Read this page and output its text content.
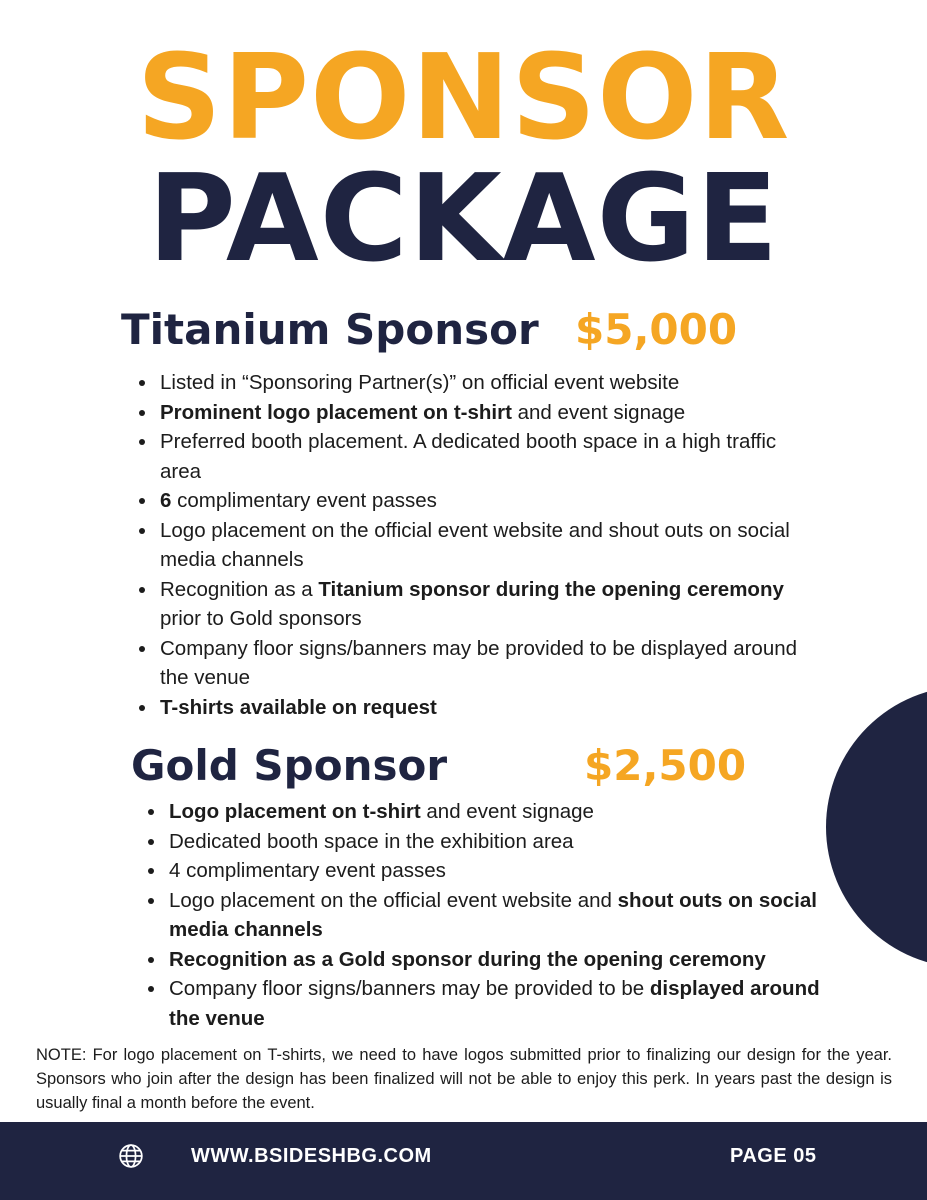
SPONSOR
PACKAGE
Titanium Sponsor $5,000
• Listed in “Sponsoring Partner(s)” on official event website
• Prominent logo placement on t-shirt and event signage
• Preferred booth placement. A dedicated booth space in a high traffic area
• 6 complimentary event passes
• Logo placement on the official event website and shout outs on social media channels
• Recognition as a Titanium sponsor during the opening ceremony prior to Gold sponsors
• Company floor signs/banners may be provided to be displayed around the venue
• T-shirts available on request
Gold Sponsor	$2,500
• Logo placement on t-shirt and event signage
• Dedicated booth space in the exhibition area
• 4 complimentary event passes
• Logo placement on the official event website and shout outs on social media channels
• Recognition as a Gold sponsor during the opening ceremony
• Company floor signs/banners may be provided to be displayed around the venue
NOTE: For logo placement on T-shirts, we need to have logos submitted prior to finalizing our design for the year. Sponsors who join after the design has been finalized will not be able to enjoy this perk. In years past the design is usually final a month before the event.
WWW.BSIDESHBG.COM	PAGE 05
